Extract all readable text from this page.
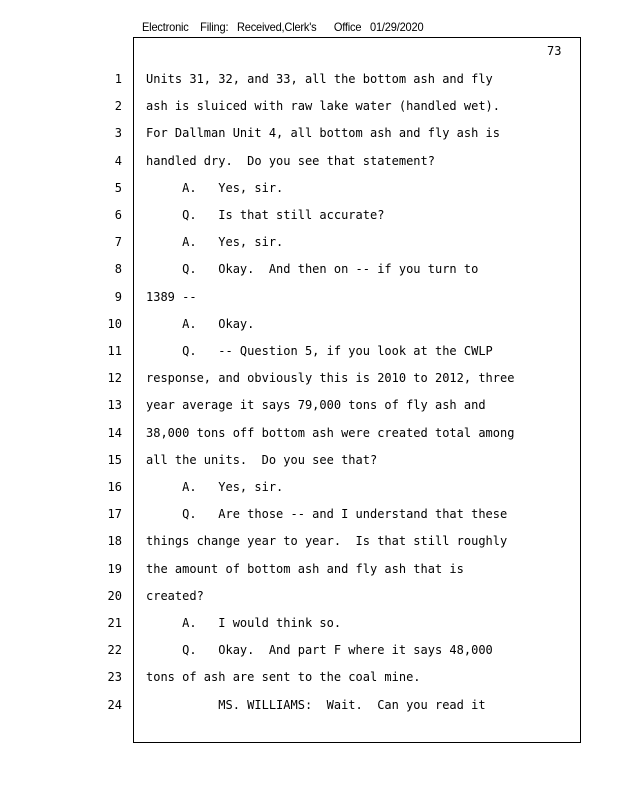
Electronic    Filing:   Received,Clerk's      Office   01/29/2020
73
1 Units 31, 32, and 33, all the bottom ash and fly
2 ash is sluiced with raw lake water (handled wet).
3 For Dallman Unit 4, all bottom ash and fly ash is
4 handled dry.  Do you see that statement?
5 A.   Yes, sir.
6 Q.   Is that still accurate?
7 A.   Yes, sir.
8 Q.   Okay.  And then on -- if you turn to
9 1389 --
10 A.   Okay.
11 Q.   -- Question 5, if you look at the CWLP
12 response, and obviously this is 2010 to 2012, three
13 year average it says 79,000 tons of fly ash and
14 38,000 tons off bottom ash were created total among
15 all the units.  Do you see that?
16 A.   Yes, sir.
17 Q.   Are those -- and I understand that these
18 things change year to year.  Is that still roughly
19 the amount of bottom ash and fly ash that is
20 created?
21 A.   I would think so.
22 Q.   Okay.  And part F where it says 48,000
23 tons of ash are sent to the coal mine.
24 MS. WILLIAMS:  Wait.  Can you read it
